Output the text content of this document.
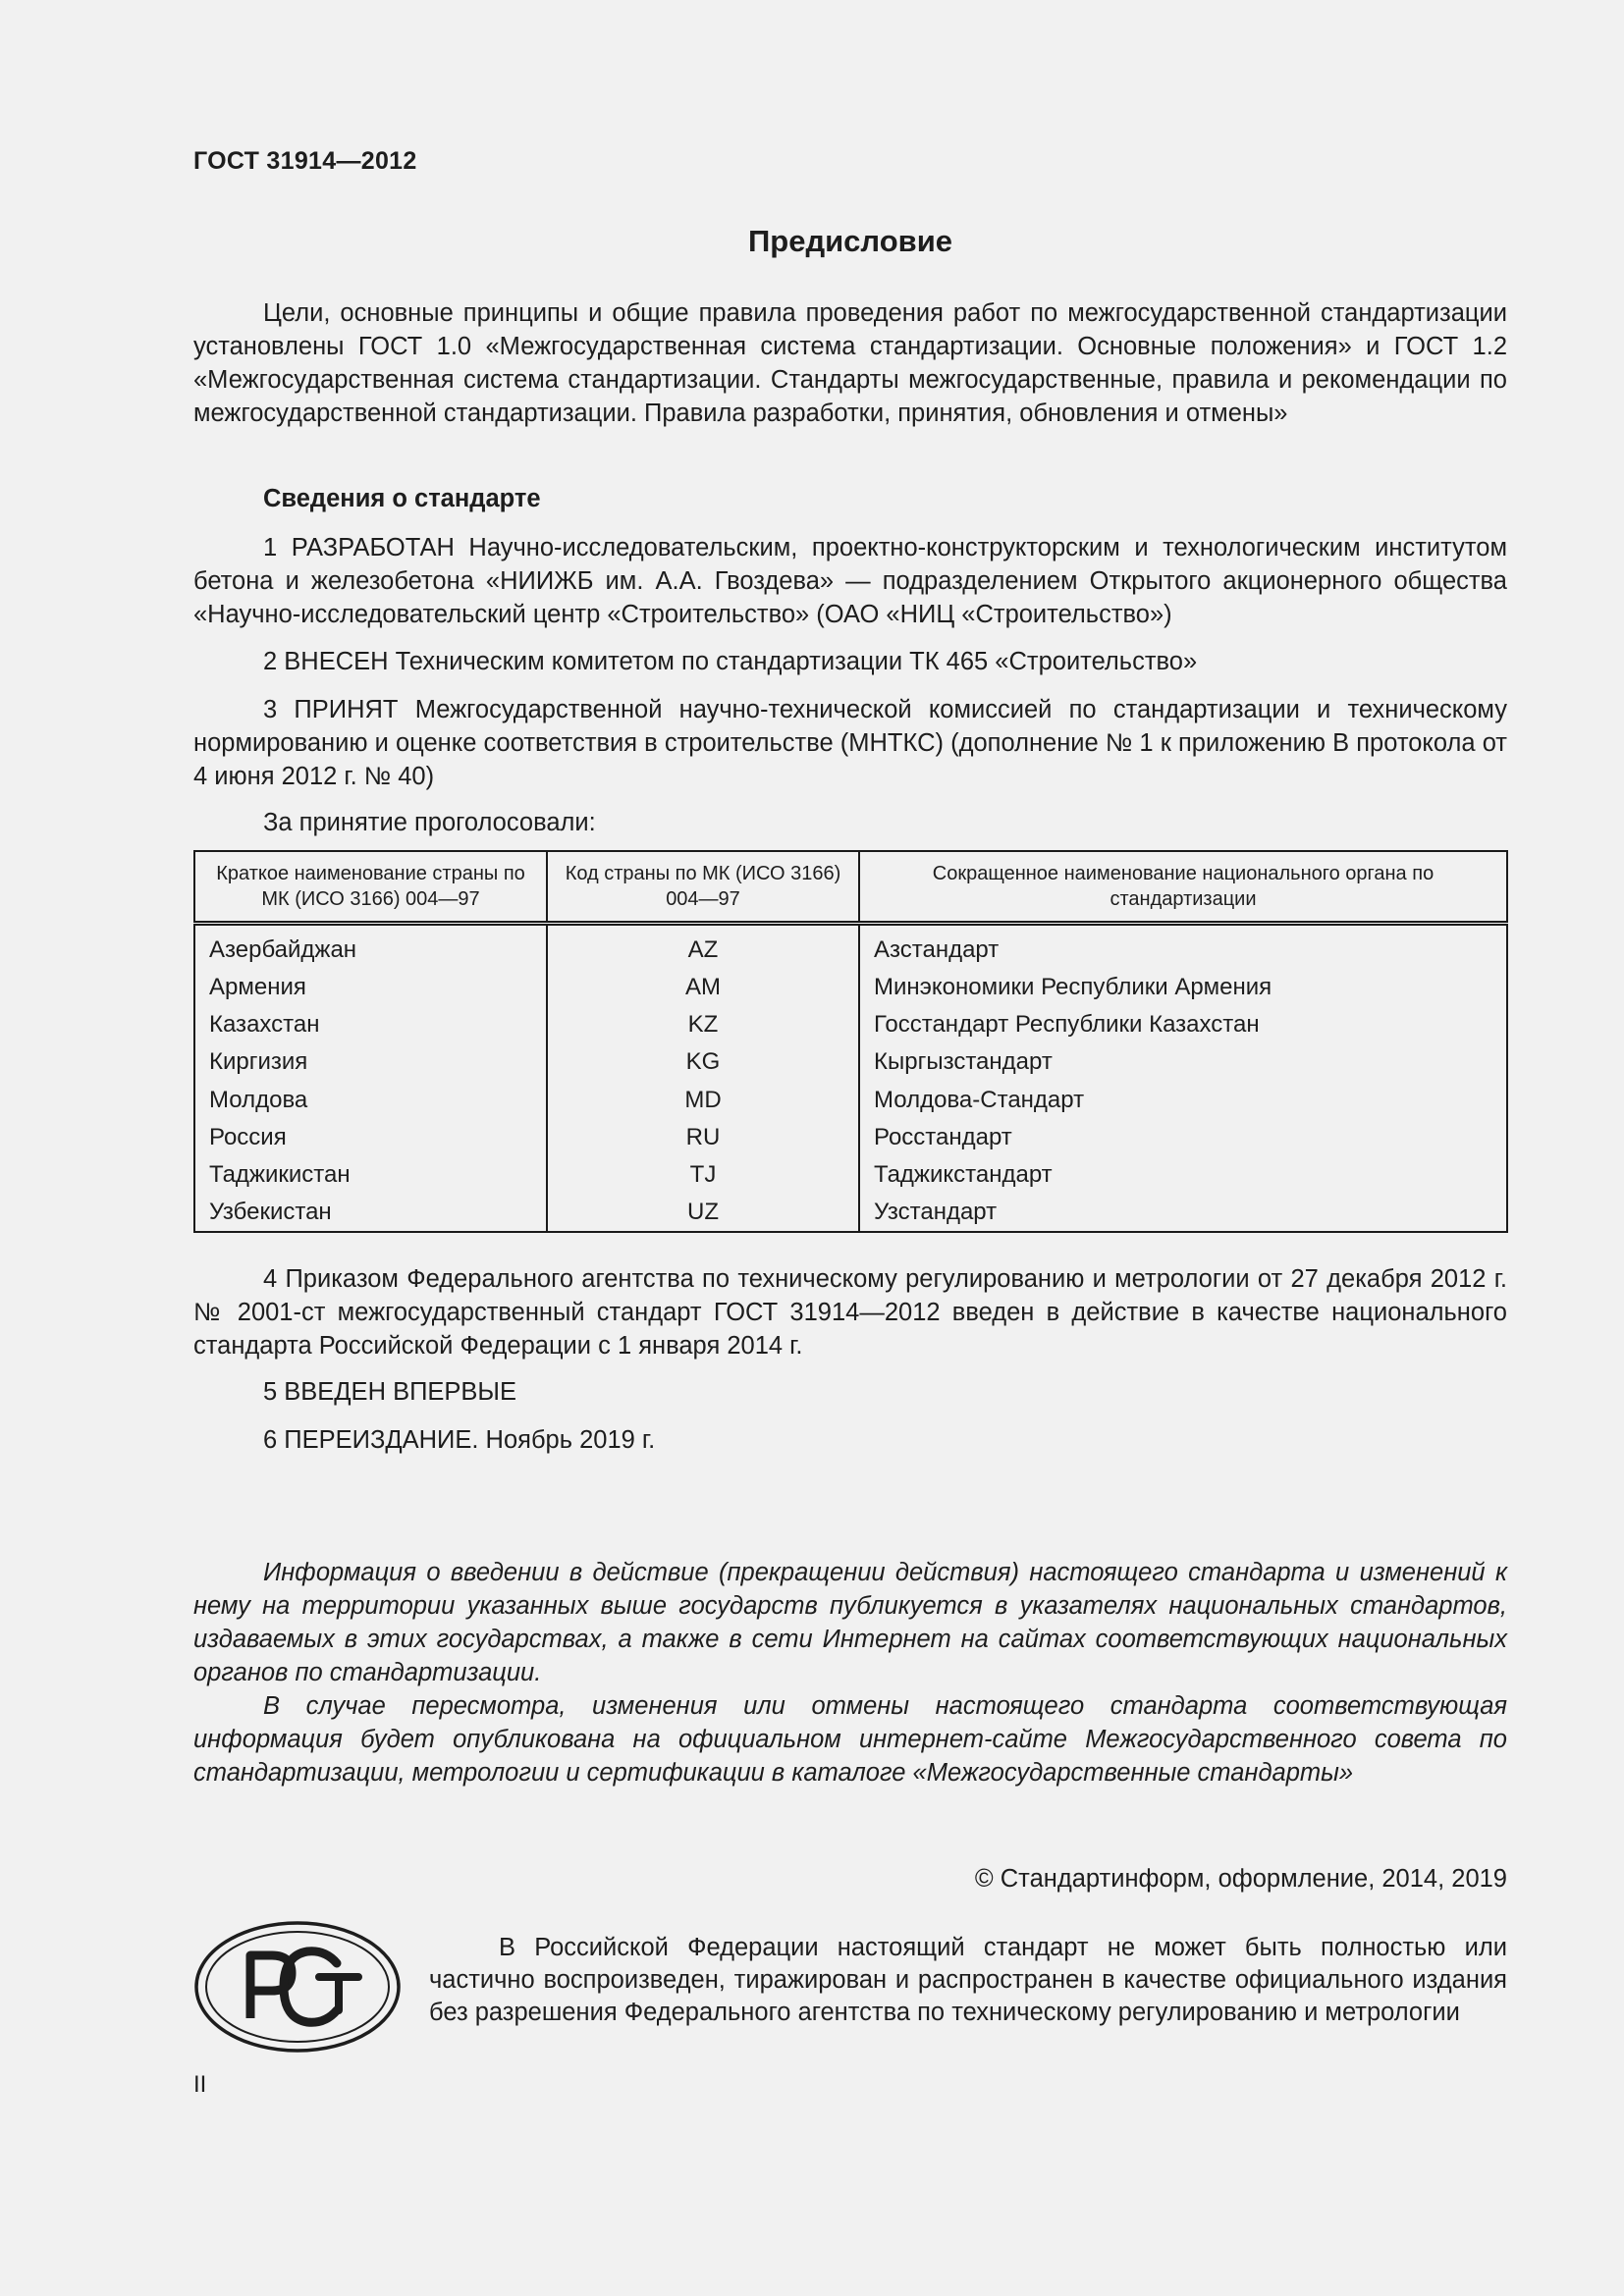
ГОСТ 31914—2012
Предисловие
Цели, основные принципы и общие правила проведения работ по межгосударственной стандартизации установлены ГОСТ 1.0 «Межгосударственная система стандартизации. Основные положения» и ГОСТ 1.2 «Межгосударственная система стандартизации. Стандарты межгосударственные, правила и рекомендации по межгосударственной стандартизации. Правила разработки, принятия, обновления и отмены»
Сведения о стандарте
1 РАЗРАБОТАН Научно-исследовательским, проектно-конструкторским и технологическим институтом бетона и железобетона «НИИЖБ им. А.А. Гвоздева» — подразделением Открытого акционерного общества «Научно-исследовательский центр «Строительство» (ОАО «НИЦ «Строительство»)
2 ВНЕСЕН Техническим комитетом по стандартизации ТК 465 «Строительство»
3 ПРИНЯТ Межгосударственной научно-технической комиссией по стандартизации и техническому нормированию и оценке соответствия в строительстве (МНТКС) (дополнение № 1 к приложению В протокола от 4 июня 2012 г. № 40)
За принятие проголосовали:
Краткое наименование страны по МК (ИСО 3166) 004—97	Код страны по МК (ИСО 3166) 004—97	Сокращенное наименование национального органа по стандартизации
Азербайджан	AZ	Азстандарт
Армения	AM	Минэкономики Республики Армения
Казахстан	KZ	Госстандарт Республики Казахстан
Киргизия	KG	Кыргызстандарт
Молдова	MD	Молдова-Стандарт
Россия	RU	Росстандарт
Таджикистан	TJ	Таджикстандарт
Узбекистан	UZ	Узстандарт
4 Приказом Федерального агентства по техническому регулированию и метрологии от 27 декабря 2012 г. № 2001-ст межгосударственный стандарт ГОСТ 31914—2012 введен в действие в качестве национального стандарта Российской Федерации с 1 января 2014 г.
5 ВВЕДЕН ВПЕРВЫЕ
6 ПЕРЕИЗДАНИЕ. Ноябрь 2019 г.
Информация о введении в действие (прекращении действия) настоящего стандарта и изменений к нему на территории указанных выше государств публикуется в указателях национальных стандартов, издаваемых в этих государствах, а также в сети Интернет на сайтах соответствующих национальных органов по стандартизации.
В случае пересмотра, изменения или отмены настоящего стандарта соответствующая информация будет опубликована на официальном интернет-сайте Межгосударственного совета по стандартизации, метрологии и сертификации в каталоге «Межгосударственные стандарты»
© Стандартинформ, оформление, 2014, 2019
В Российской Федерации настоящий стандарт не может быть полностью или частично воспроизведен, тиражирован и распространен в качестве официального издания без разрешения Федерального агентства по техническому регулированию и метрологии
II
